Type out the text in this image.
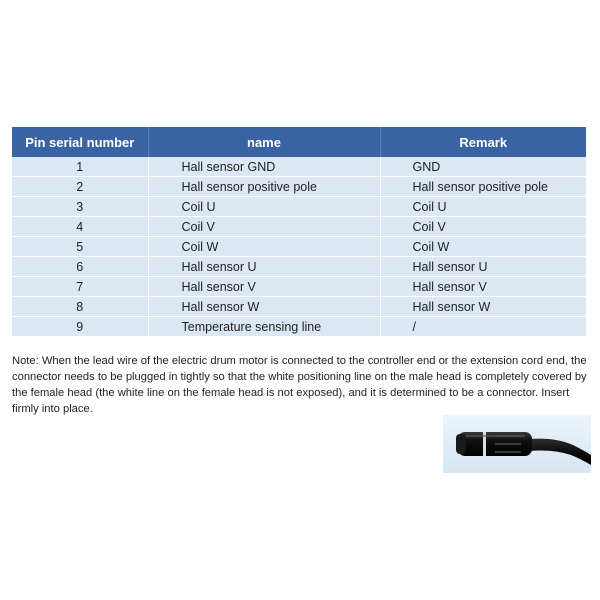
Pin serial number	name	Remark
1	Hall sensor GND	GND
2	Hall sensor positive pole	Hall sensor positive pole
3	Coil U	Coil U
4	Coil V	Coil V
5	Coil W	Coil W
6	Hall sensor U	Hall sensor U
7	Hall sensor V	Hall sensor V
8	Hall sensor W	Hall sensor W
9	Temperature sensing line	/

Note: When the lead wire of the electric drum motor is connected to the controller end or the extension cord end, the connector needs to be plugged in tightly so that the white positioning line on the male head is completely covered by the female head (the white line on the female head is not exposed), and it is determined to be a connector. Insert firmly into place.
